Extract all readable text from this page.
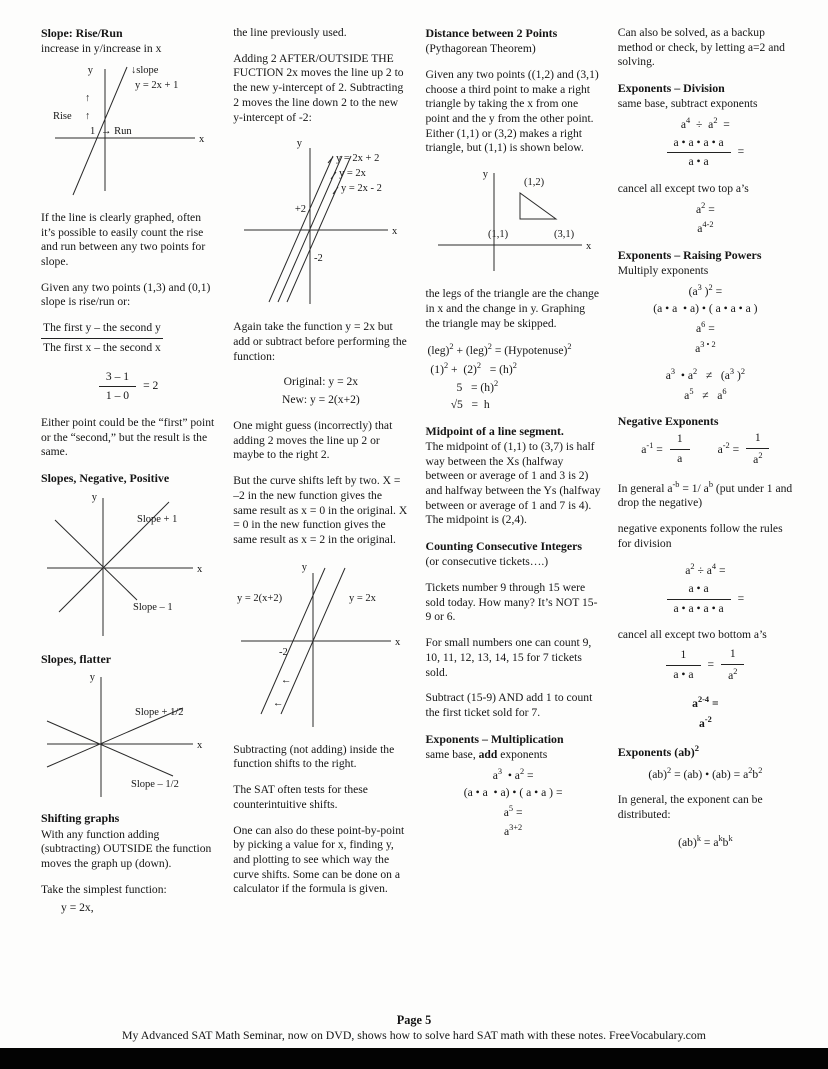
Slope: Rise/Run

increase in y/increase in x

y	↓slope
y = 2x + 1
↑
Rise ↑
1 → Run
x

If the line is clearly graphed, often it’s possible to easily count the rise and run between any two points for slope.

Given any two points (1,3) and (0,1) slope is rise/run or:

$\frac{\text{The first y – the second y}}{\text{The first x – the second x}}$
$\frac{3 - 1}{1 - 0} = 2$

Either point could be the “first” point or the “second,” but the result is the same.

Slopes, Negative, Positive
y
x
Slope + 1
Slope – 1
Slopes, flatter
y
x
Slope + 1/2
Slope – 1/2
Shifting graphs

With any function adding (subtracting) OUTSIDE the function moves the graph up (down).

Take the simplest function:

y = 2x,

the line previously used.

Adding 2 AFTER/OUTSIDE THE FUCTION 2x moves the line up 2 to the new y-intercept of 2. Subtracting 2 moves the line down 2 to the new y-intercept of -2:

y
x
y = 2x + 2
y = 2x
y = 2x - 2
+2
-2

Again take the function y = 2x but add or subtract before performing the function:

Original: y = 2x
New: y = 2(x+2)

One might guess (incorrectly) that adding 2 moves the line up 2 or maybe to the right 2.

But the curve shifts left by two. X = –2 in the new function gives the same result as x = 0 in the original. X = 0 in the new function gives the same result as x = 2 in the original.

y
x
y = 2(x+2)	y = 2x
-2
←
←

Subtracting (not adding) inside the function shifts to the right.

The SAT often tests for these counterintuitive shifts.

One can also do these point-by-point by picking a value for x, finding y, and plotting to see which way the curve shifts. Some can be done on a calculator if the formula is given.

Distance between 2 Points

(Pythagorean Theorem)

Given any two points ((1,2) and (3,1) choose a third point to make a right triangle by taking the x from one point and the y from the other point. Either (1,1) or (3,2) makes a right triangle, but (1,1) is shown below.

y
x
(1,2)
(1,1)	(3,1)

the legs of the triangle are the change in x and the change in y. Graphing the triangle may be skipped.

(leg)$^2$ + (leg)$^2$ = (Hypotenuse)$^2$
$(1)^2 + (2)^2 = (h)^2$
$5 = (h)^2$
√5   =  h
Midpoint of a line segment.

The midpoint of (1,1) to (3,7) is half way between the Xs (halfway between or average of 1 and 3 is 2) and halfway between the Ys (halfway between or average of 1 and 7 is 4). The midpoint is (2,4).

Counting Consecutive Integers

(or consecutive tickets….)

Tickets number 9 through 15 were sold today. How many? It’s NOT 15-9 or 6.

For small numbers one can count 9, 10, 11, 12, 13, 14, 15 for 7 tickets sold.

Subtract (15-9) AND add 1 to count the first ticket sold for 7.

Exponents – Multiplication

same base, add exponents

$a^3$  • $a^2$ =
(a • a  • a) • ( a • a ) =
$a^5$ =
$a^{3+2}$

Can also be solved, as a backup method or check, by letting a=2 and solving.

Exponents – Division

same base, subtract exponents

$a^4 \div a^2$  =
$\frac{a • a • a • a}{a • a}$ =

cancel all except two top a’s

$a^2$ =
$a^{4-2}$
Exponents – Raising Powers

Multiply exponents

($a^3$ )$^2$ =
(a • a  • a) • ( a • a • a )
$a^6$ =
$a^{3 • 2}$
$a^3$  • $a^2 \ne (a^3$ )$^2$
$a^5 \ne a^6$
Negative Exponents
$a^{-1} = \frac{1}{a} a^{-2} = \frac{1}{a^2}$

In general $a^{-b} = 1/$ $a^b$ (put under 1 and drop the negative)

negative exponents follow the rules for division

$a^2 \div a^4$ =
$\frac{a • a}{a • a • a • a}$ =

cancel all except two bottom a’s

$\frac{1}{a • a} = \frac{1}{a^2}$
$a^{2-4}$ =
$a^{-2}$
Exponents (ab)$^2$
(ab)$^2$ = (ab) • $(ab) = a^2b^2$

In general, the exponent can be distributed:

$(ab)^k = a^kb^k$
Page 5
My Advanced SAT Math Seminar, now on DVD, shows how to solve hard SAT math with these notes. FreeVocabulary.com
